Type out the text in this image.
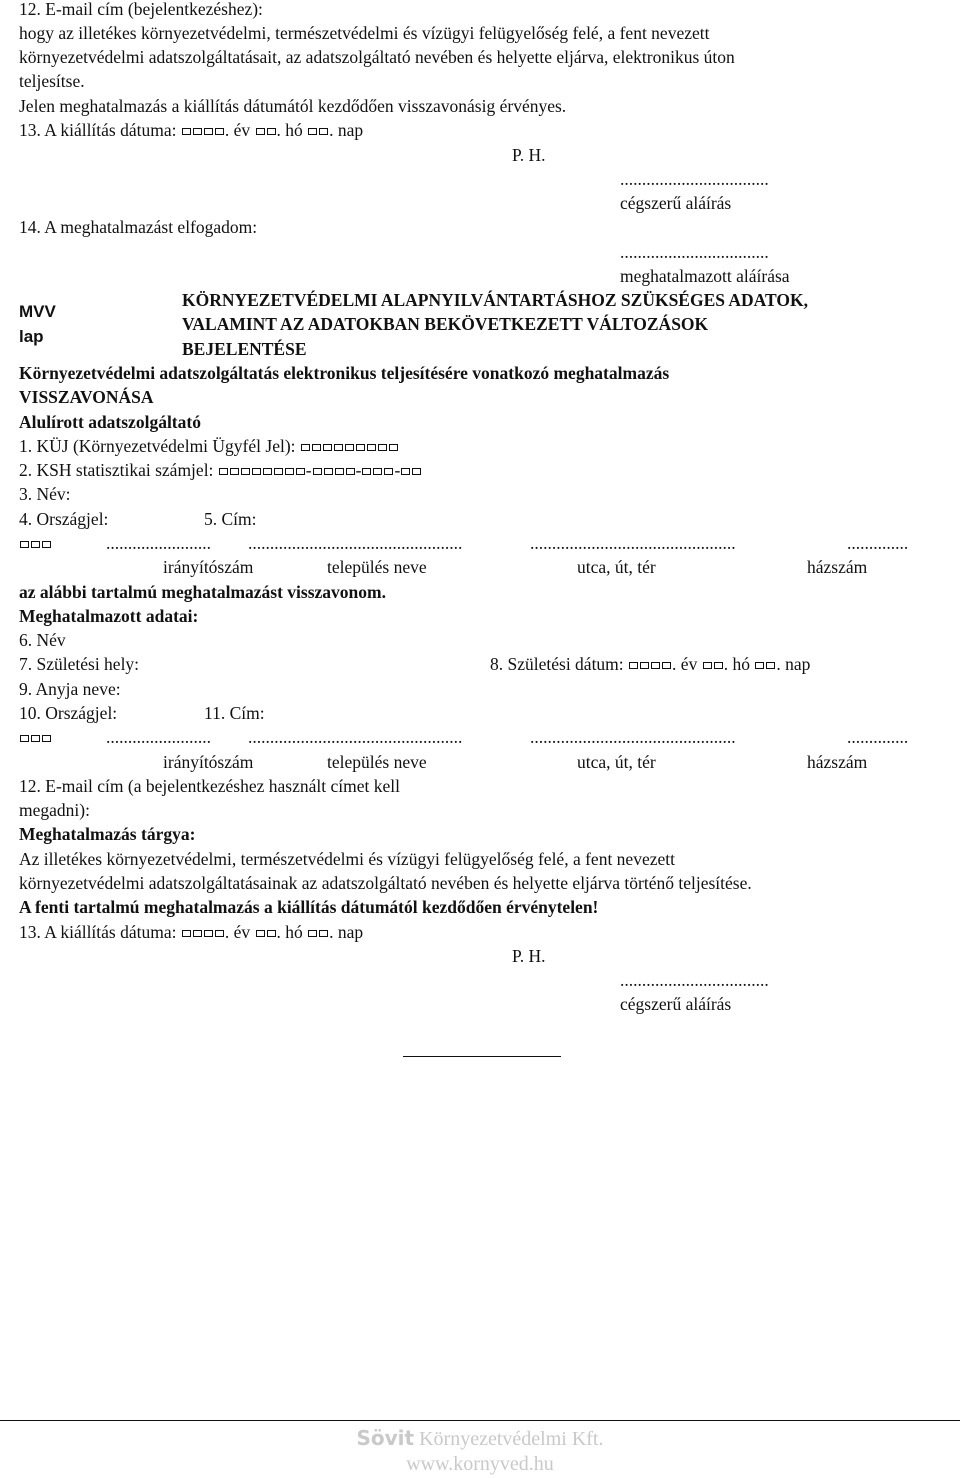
12. E-mail cím (bejelentkezéshez):
hogy az illetékes környezetvédelmi, természetvédelmi és vízügyi felügyelőség felé, a fent nevezett
környezetvédelmi adatszolgáltatásait, az adatszolgáltató nevében és helyette eljárva, elektronikus úton
teljesítse.
Jelen meghatalmazás a kiállítás dátumától kezdődően visszavonásig érvényes.
13. A kiállítás dátuma:	. év . hó . nap
P. H.
..................................
cégszerű aláírás
14. A meghatalmazást elfogadom:
..................................
meghatalmazott aláírása
MVV
lap
KÖRNYEZETVÉDELMI ALAPNYILVÁNTARTÁSHOZ SZÜKSÉGES ADATOK,
VALAMINT AZ ADATOKBAN BEKÖVETKEZETT VÁLTOZÁSOK
BEJELENTÉSE
Környezetvédelmi adatszolgáltatás elektronikus teljesítésére vonatkozó meghatalmazás
VISSZAVONÁSA
Alulírott adatszolgáltató
1. KÜJ (Környezetvédelmi Ügyfél Jel):
2. KSH statisztikai számjel:	-	- -
3. Név:
4. Országjel:	5. Cím:
........................ .................................................	...............................................	..............
irányítószám	település neve	utca, út, tér	házszám
az alábbi tartalmú meghatalmazást visszavonom.
Meghatalmazott adatai:
6. Név
7. Születési hely:	8. Születési dátum:	. év . hó . nap
9. Anyja neve:
10. Országjel:	11. Cím:
........................ .................................................	...............................................	..............
irányítószám	település neve	utca, út, tér	házszám
12. E-mail cím (a bejelentkezéshez használt címet kell
megadni):
Meghatalmazás tárgya:
Az illetékes környezetvédelmi, természetvédelmi és vízügyi felügyelőség felé, a fent nevezett
környezetvédelmi adatszolgáltatásainak az adatszolgáltató nevében és helyette eljárva történő teljesítése.
A fenti tartalmú meghatalmazás a kiállítás dátumától kezdődően érvénytelen!
13. A kiállítás dátuma:	. év . hó . nap
P. H.
..................................
cégszerű aláírás
Sövit Környezetvédelmi Kft.
www.kornyved.hu
